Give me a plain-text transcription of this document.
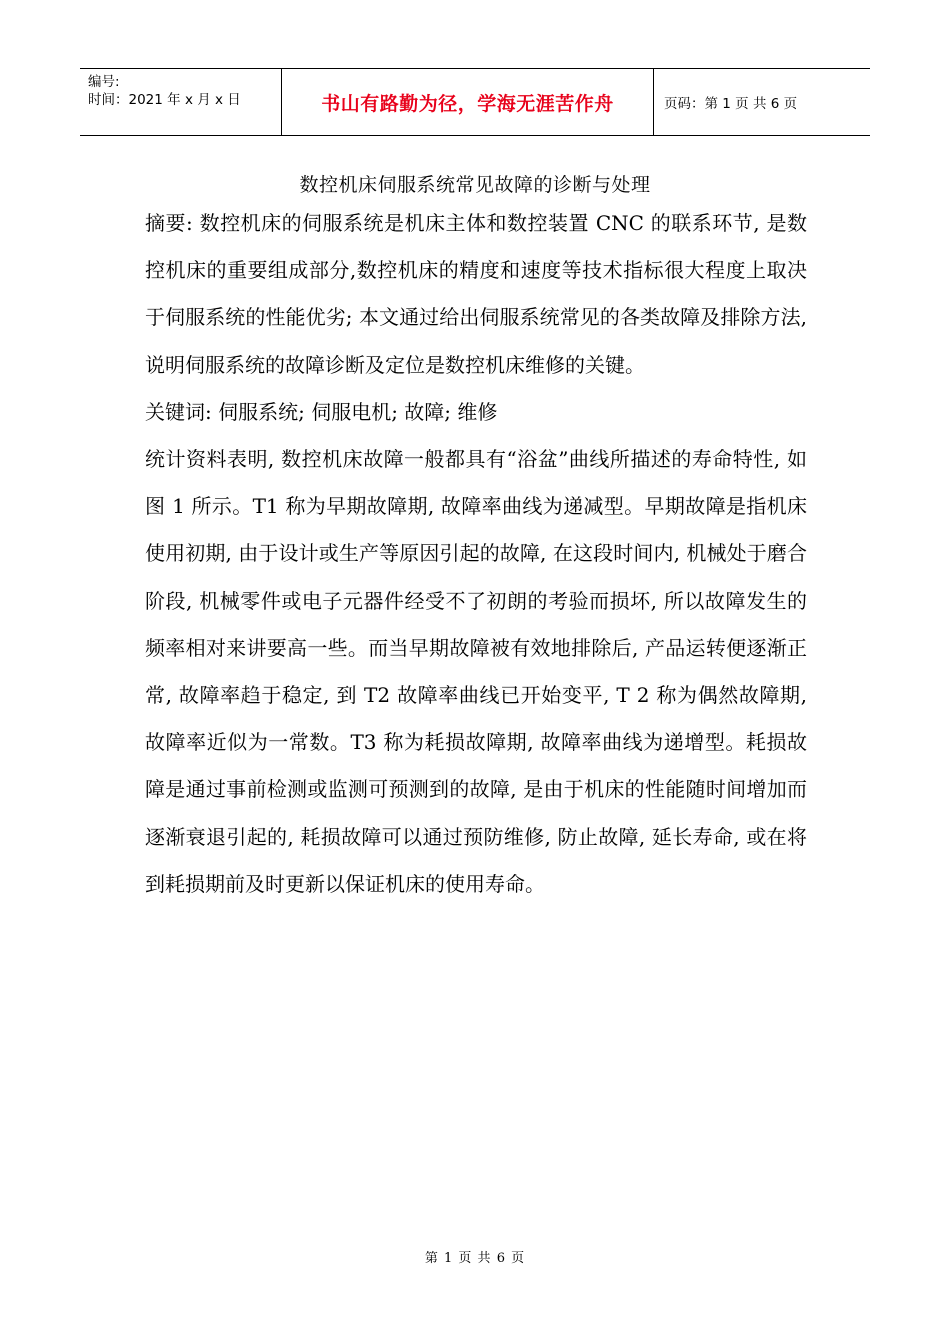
编号:
时间：2021 年 x 月 x 日	书山有路勤为径，学海无涯苦作舟	页码：第 1 页 共 6 页
数控机床伺服系统常见故障的诊断与处理

摘要: 数控机床的伺服系统是机床主体和数控装置 CNC 的联系环节, 是数控机床的重要组成部分,数控机床的精度和速度等技术指标很大程度上取决于伺服系统的性能优劣; 本文通过给出伺服系统常见的各类故障及排除方法,说明伺服系统的故障诊断及定位是数控机床维修的关键。

关键词: 伺服系统; 伺服电机; 故障; 维修

统计资料表明, 数控机床故障一般都具有“浴盆”曲线所描述的寿命特性, 如图 1 所示。T1 称为早期故障期, 故障率曲线为递减型。早期故障是指机床使用初期, 由于设计或生产等原因引起的故障, 在这段时间内, 机械处于磨合阶段, 机械零件或电子元器件经受不了初朗的考验而损坏, 所以故障发生的频率相对来讲要高一些。而当早期故障被有效地排除后, 产品运转便逐渐正常, 故障率趋于稳定, 到 T2 故障率曲线已开始变平, T 2 称为偶然故障期, 故障率近似为一常数。T3 称为耗损故障期, 故障率曲线为递增型。耗损故障是通过事前检测或监测可预测到的故障, 是由于机床的性能随时间增加而逐渐衰退引起的, 耗损故障可以通过预防维修, 防止故障, 延长寿命, 或在将到耗损期前及时更新以保证机床的使用寿命。

第 1 页 共 6 页
